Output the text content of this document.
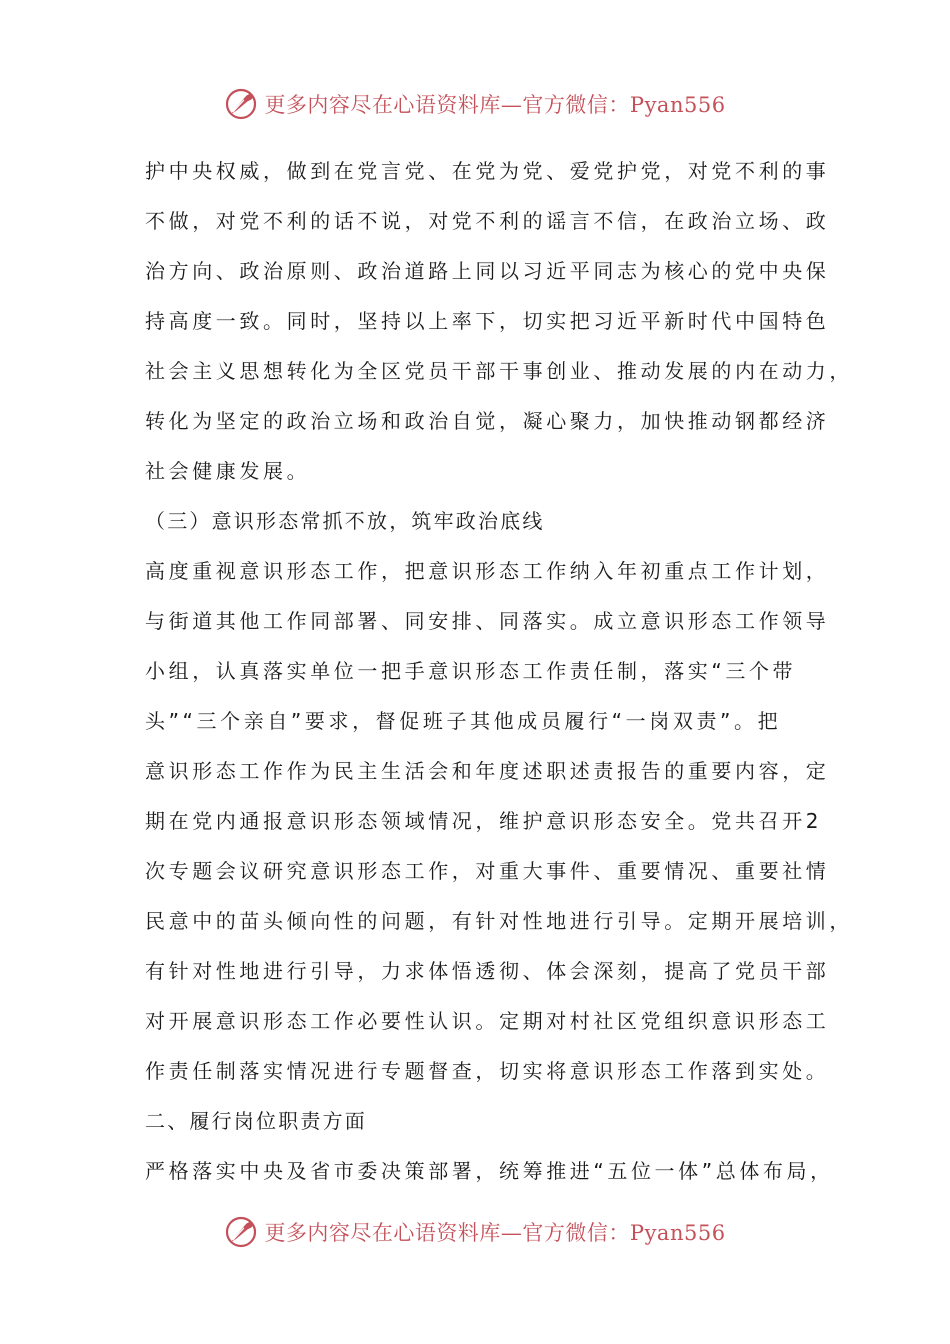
更多内容尽在心语资料库—官方微信：Pyan556
护中央权威，做到在党言党、在党为党、爱党护党，对党不利的事
不做，对党不利的话不说，对党不利的谣言不信，在政治立场、政
治方向、政治原则、政治道路上同以习近平同志为核心的党中央保
持高度一致。同时，坚持以上率下，切实把习近平新时代中国特色
社会主义思想转化为全区党员干部干事创业、推动发展的内在动力，
转化为坚定的政治立场和政治自觉，凝心聚力，加快推动钢都经济
社会健康发展。
（三）意识形态常抓不放，筑牢政治底线
高度重视意识形态工作，把意识形态工作纳入年初重点工作计划，
与街道其他工作同部署、同安排、同落实。成立意识形态工作领导
小组，认真落实单位一把手意识形态工作责任制，落实“三个带
头”“三个亲自”要求，督促班子其他成员履行“一岗双责”。把
意识形态工作作为民主生活会和年度述职述责报告的重要内容，定
期在党内通报意识形态领域情况，维护意识形态安全。党共召开2
次专题会议研究意识形态工作，对重大事件、重要情况、重要社情
民意中的苗头倾向性的问题，有针对性地进行引导。定期开展培训，
有针对性地进行引导，力求体悟透彻、体会深刻，提高了党员干部
对开展意识形态工作必要性认识。定期对村社区党组织意识形态工
作责任制落实情况进行专题督查，切实将意识形态工作落到实处。
二、履行岗位职责方面
严格落实中央及省市委决策部署，统筹推进“五位一体”总体布局，
更多内容尽在心语资料库—官方微信：Pyan556
